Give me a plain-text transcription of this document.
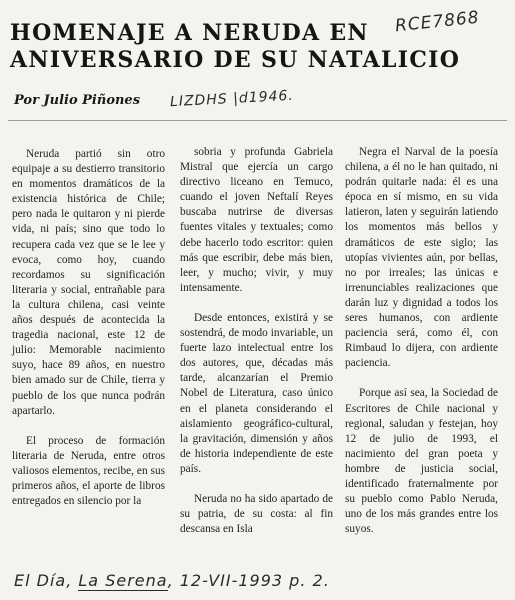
HOMENAJE A NERUDA EN
ANIVERSARIO DE SU NATALICIO
RCE7868
Por Julio Piñones LIZDHS |d1946.

Neruda partió sin otro equipaje a su destierro transitorio en momentos dramáticos de la existencia histórica de Chile; pero nada le quitaron y ni pierde vida, ni país; sino que todo lo recupera cada vez que se le lee y evoca, como hoy, cuando recordamos su significación literaria y social, entrañable para la cultura chilena, casi veinte años después de acontecida la tragedia nacional, este 12 de julio: Memorable nacimiento suyo, hace 89 años, en nuestro bien amado sur de Chile, tierra y pueblo de los que nunca podrán apartarlo.

El proceso de formación literaria de Neruda, entre otros valiosos elementos, recibe, en sus primeros años, el aporte de libros entregados en silencio por la

sobria y profunda Gabriela Mistral que ejercía un cargo directivo liceano en Temuco, cuando el joven Neftalí Reyes buscaba nutrirse de diversas fuentes vitales y textuales; como debe hacerlo todo escritor: quien más que escribir, debe más bien, leer, y mucho; vivir, y muy intensamente.

Desde entonces, existirá y se sostendrá, de modo invariable, un fuerte lazo intelectual entre los dos autores, que, décadas más tarde, alcanzarían el Premio Nobel de Literatura, caso único en el planeta considerando el aislamiento geográfico-cultural, la gravitación, dimensión y años de historia independiente de este país.

Neruda no ha sido apartado de su patria, de su costa: al fin descansa en Isla

Negra el Narval de la poesía chilena, a él no le han quitado, ni podrán quitarle nada: él es una época en sí mismo, en su vida latieron, laten y seguirán latiendo los momentos más bellos y dramáticos de este siglo; las utopías vivientes aún, por bellas, no por irreales; las únicas e irrenunciables realizaciones que darán luz y dignidad a todos los seres humanos, con ardiente paciencia será, como él, con Rimbaud lo dijera, con ardiente paciencia.

Porque así sea, la Sociedad de Escritores de Chile nacional y regional, saludan y festejan, hoy 12 de julio de 1993, el nacimiento del gran poeta y hombre de justicia social, identificado fraternalmente por su pueblo como Pablo Neruda, uno de los más grandes entre los suyos.

El Día, La Serena, 12-VII-1993 p. 2.
